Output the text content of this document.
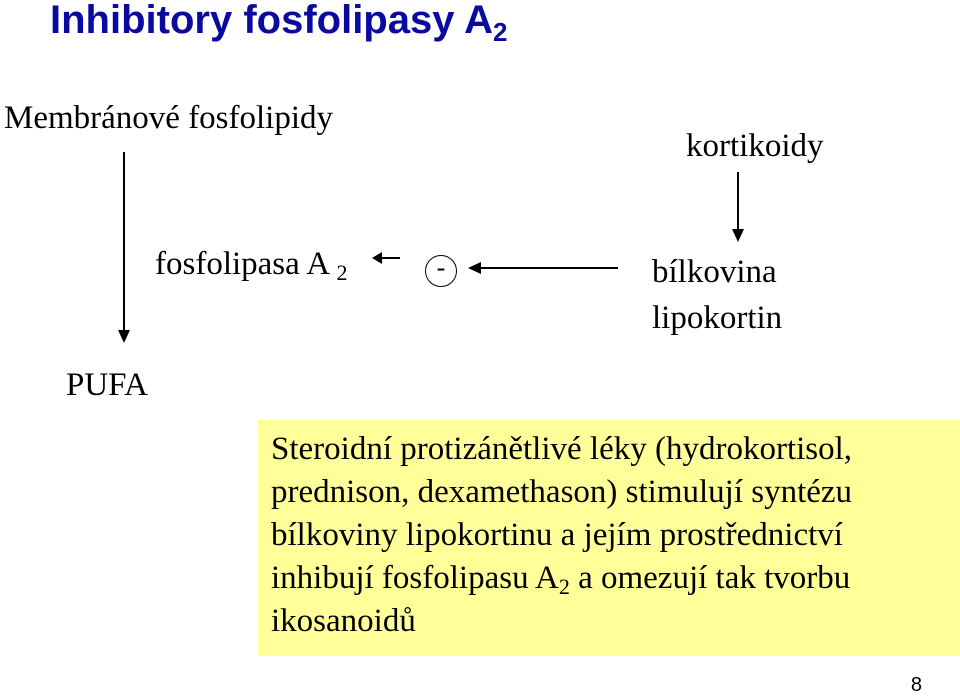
Inhibitory fosfolipasy $A_2$
Membránové fosfolipidy
kortikoidy
fosfolipasa A $_2$	-	bílkovina
lipokortin
PUFA
Steroidní protizánětlivé léky (hydrokortisol,
prednison, dexamethason) stimulují syntézu
bílkoviny lipokortinu a jejím prostřednictví
inhibují fosfolipasu $A_2$ a omezují tak tvorbu
ikosanoidů
8
